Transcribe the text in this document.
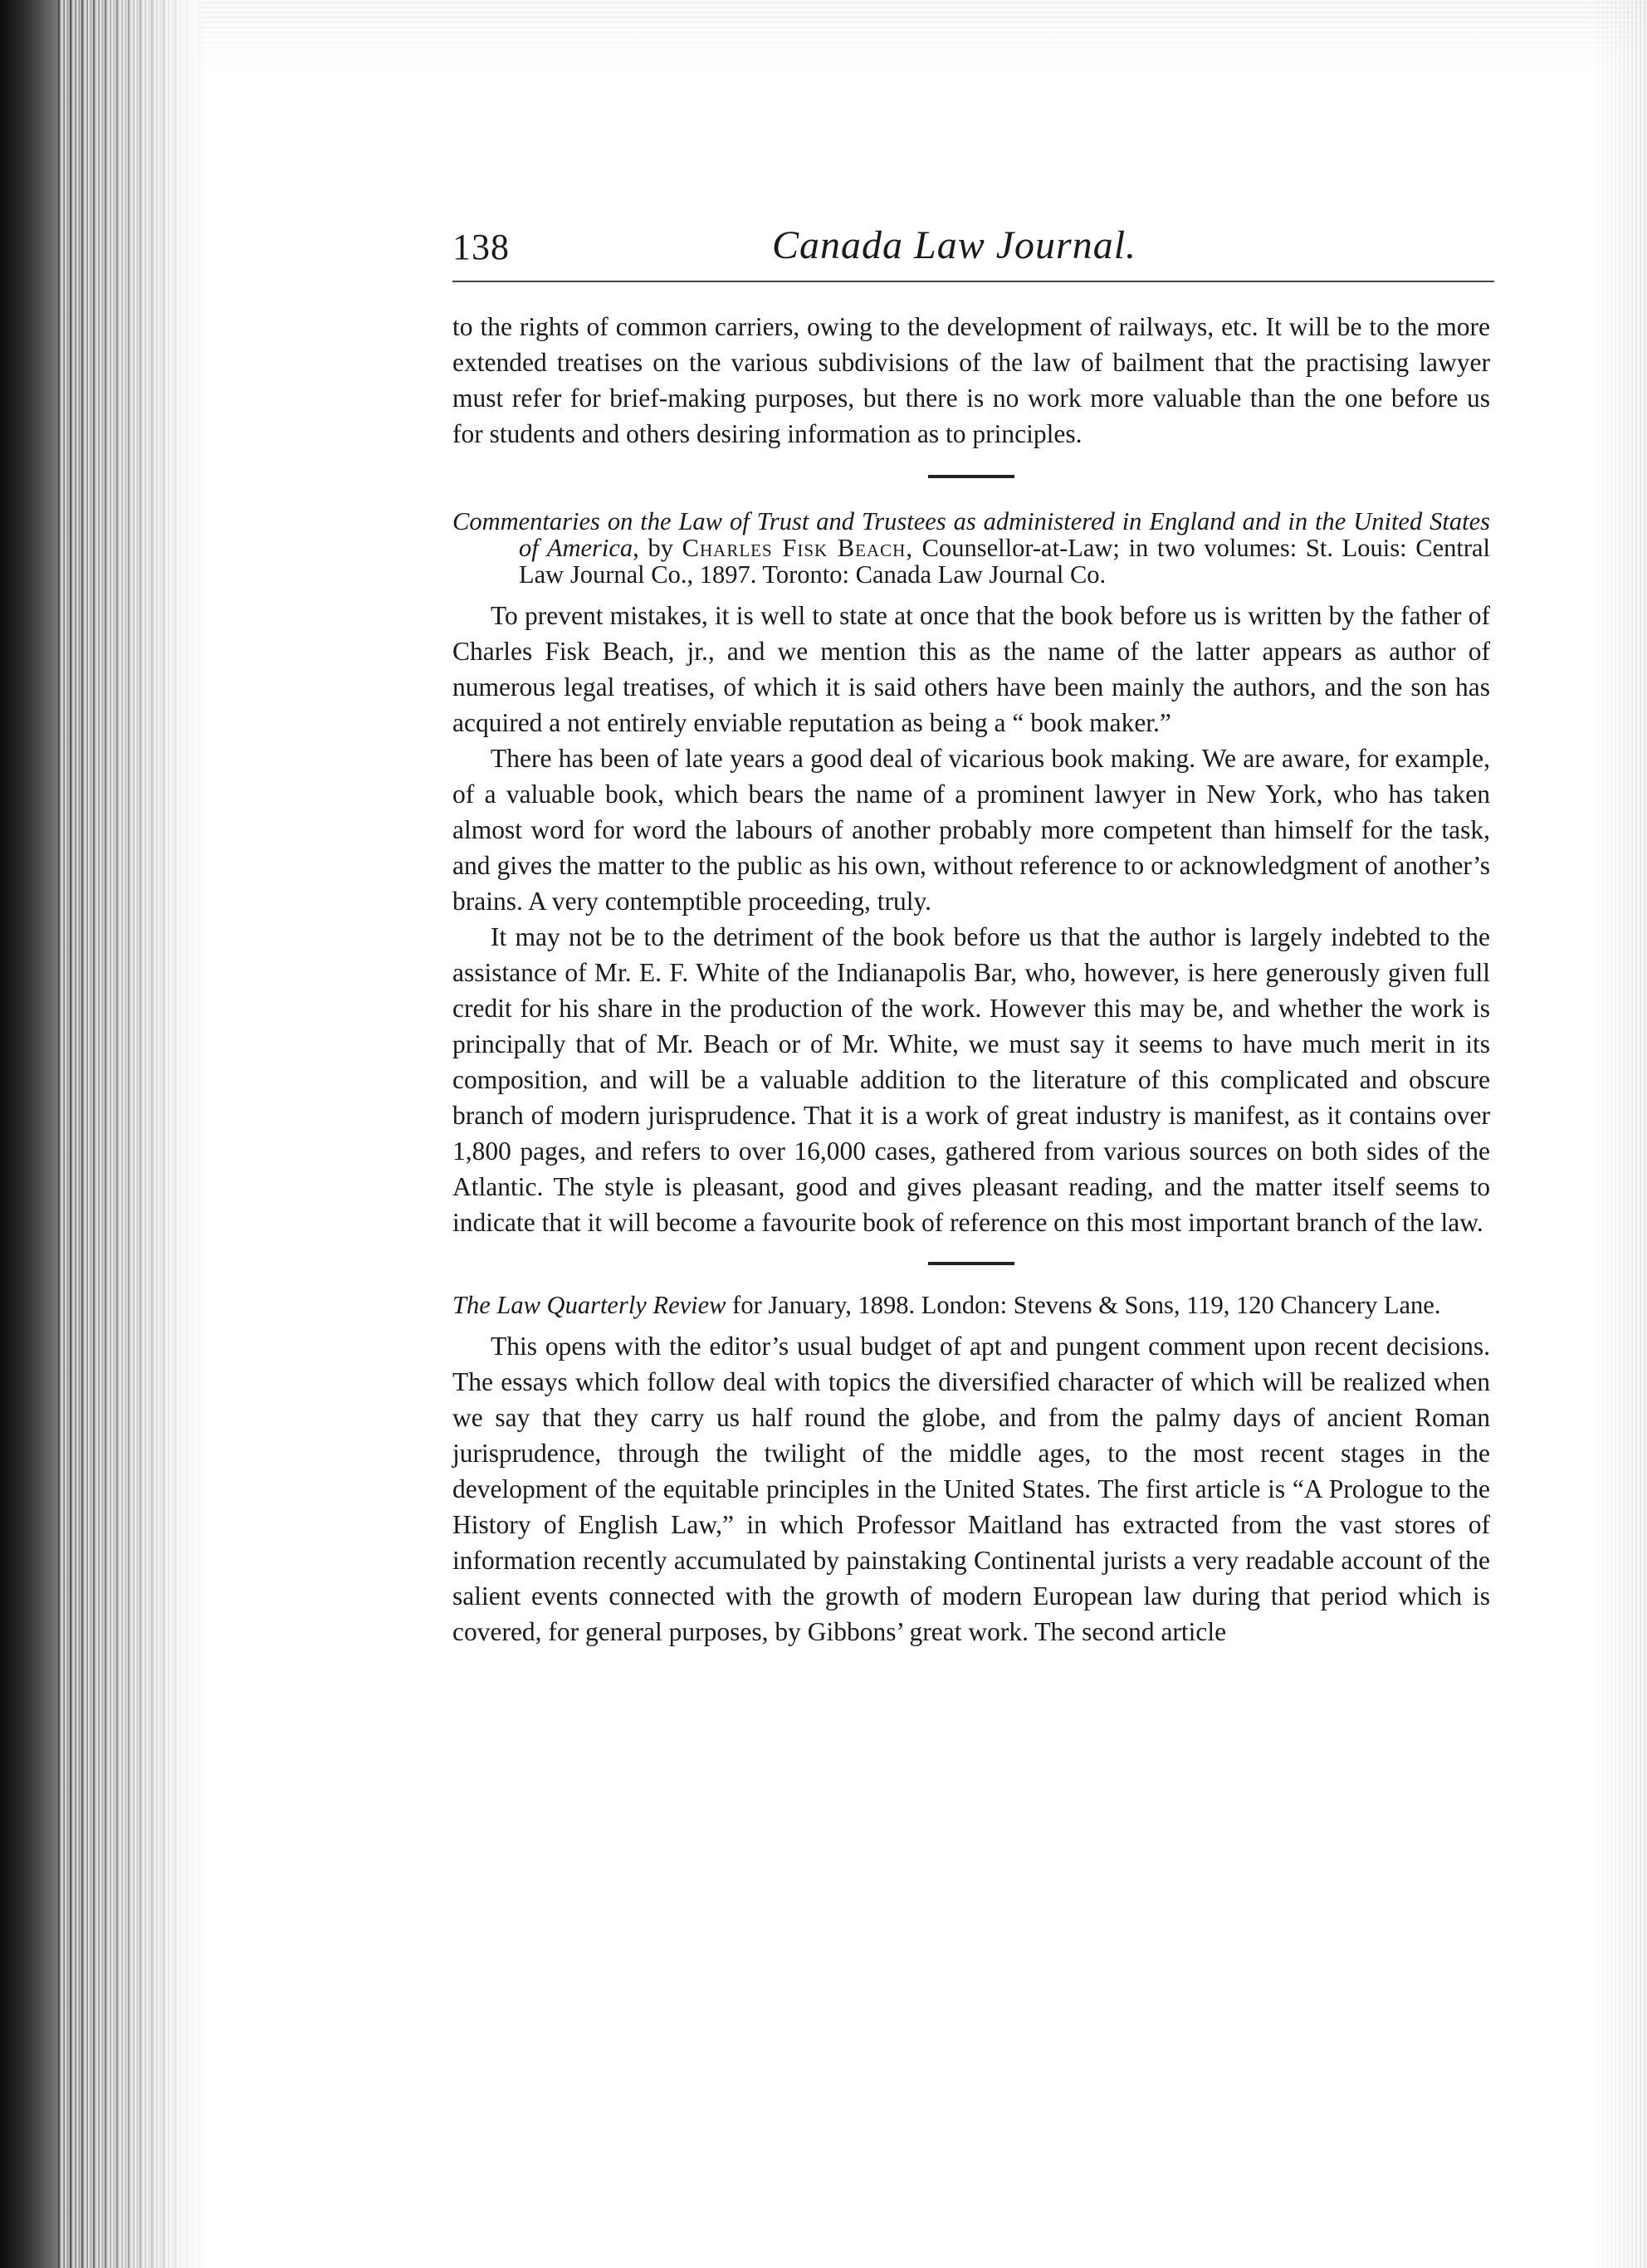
138	Canada Law Journal.

to the rights of common carriers, owing to the development of railways, etc. It will be to the more extended treatises on the various subdivisions of the law of bailment that the practising lawyer must refer for brief-making purposes, but there is no work more valuable than the one before us for students and others desiring information as to principles.

Commentaries on the Law of Trust and Trustees as administered in England and in the United States of America, by Charles Fisk Beach, Counsellor-at-Law; in two volumes: St. Louis: Central Law Journal Co., 1897. Toronto: Canada Law Journal Co.

To prevent mistakes, it is well to state at once that the book before us is written by the father of Charles Fisk Beach, jr., and we mention this as the name of the latter appears as author of numerous legal treatises, of which it is said others have been mainly the authors, and the son has acquired a not entirely enviable reputation as being a “ book maker.”

There has been of late years a good deal of vicarious book making. We are aware, for example, of a valuable book, which bears the name of a prominent lawyer in New York, who has taken almost word for word the labours of another probably more competent than himself for the task, and gives the matter to the public as his own, without reference to or acknowledgment of another’s brains. A very contemptible proceeding, truly.

It may not be to the detriment of the book before us that the author is largely indebted to the assistance of Mr. E. F. White of the Indianapolis Bar, who, however, is here generously given full credit for his share in the production of the work. However this may be, and whether the work is principally that of Mr. Beach or of Mr. White, we must say it seems to have much merit in its composition, and will be a valuable addition to the literature of this complicated and obscure branch of modern jurisprudence. That it is a work of great industry is manifest, as it contains over 1,800 pages, and refers to over 16,000 cases, gathered from various sources on both sides of the Atlantic. The style is pleasant, good and gives pleasant reading, and the matter itself seems to indicate that it will become a favourite book of reference on this most important branch of the law.

The Law Quarterly Review for January, 1898. London: Stevens & Sons, 119, 120 Chancery Lane.

This opens with the editor’s usual budget of apt and pungent comment upon recent decisions. The essays which follow deal with topics the diversified character of which will be realized when we say that they carry us half round the globe, and from the palmy days of ancient Roman jurisprudence, through the twilight of the middle ages, to the most recent stages in the development of the equitable principles in the United States. The first article is “A Prologue to the History of English Law,” in which Professor Maitland has extracted from the vast stores of information recently accumulated by painstaking Continental jurists a very readable account of the salient events connected with the growth of modern European law during that period which is covered, for general purposes, by Gibbons’ great work. The second article
